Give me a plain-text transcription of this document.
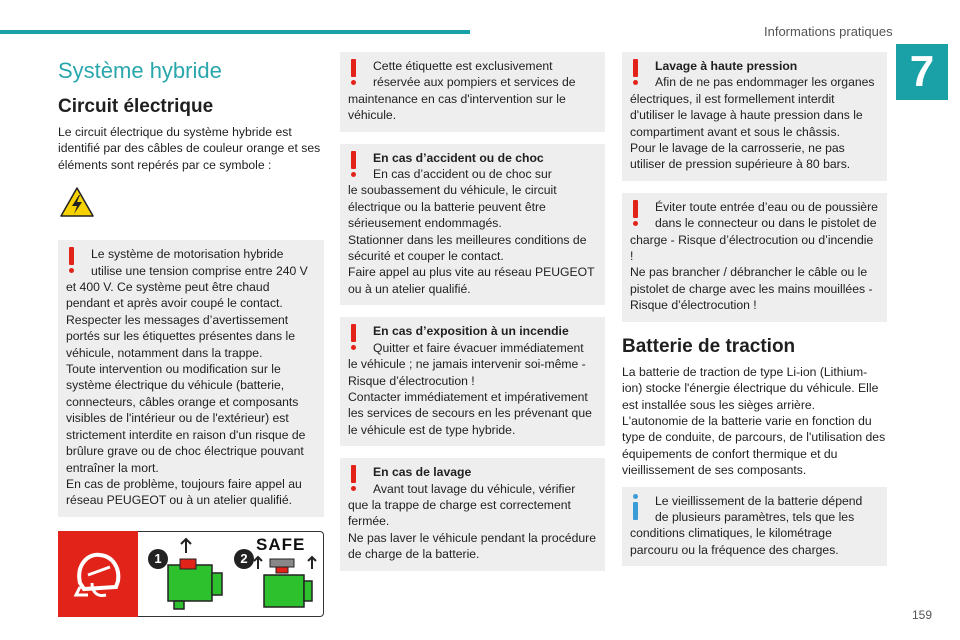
Informations pratiques
7
159
Système hybride
Circuit électrique
Le circuit électrique du système hybride est identifié par des câbles de couleur orange et ses éléments sont repérés par ce symbole :
Le système de motorisation hybride utilise une tension comprise entre 240 V
et 400 V. Ce système peut être chaud pendant et après avoir coupé le contact.
Respecter les messages d’avertissement portés sur les étiquettes présentes dans le véhicule, notamment dans la trappe.
Toute intervention ou modification sur le système électrique du véhicule (batterie, connecteurs, câbles orange et composants visibles de l'intérieur ou de l'extérieur) est strictement interdite en raison d'un risque de brûlure grave ou de choc électrique pouvant entraîner la mort.
En cas de problème, toujours faire appel au réseau PEUGEOT ou à un atelier qualifié.
1	2
SAFE
Cette étiquette est exclusivement réservée aux pompiers et services de
maintenance en cas d'intervention sur le véhicule.
En cas d’accident ou de choc
En cas d’accident ou de choc sur
le soubassement du véhicule, le circuit électrique ou la batterie peuvent être sérieusement endommagés.
Stationner dans les meilleures conditions de sécurité et couper le contact.
Faire appel au plus vite au réseau PEUGEOT ou à un atelier qualifié.
En cas d’exposition à un incendie
Quitter et faire évacuer immédiatement
le véhicule ; ne jamais intervenir soi-même - Risque d’électrocution !
Contacter immédiatement et impérativement les services de secours en les prévenant que le véhicule est de type hybride.
En cas de lavage
Avant tout lavage du véhicule, vérifier
que la trappe de charge est correctement fermée.
Ne pas laver le véhicule pendant la procédure de charge de la batterie.
Lavage à haute pression
Afin de ne pas endommager les organes
électriques, il est formellement interdit d'utiliser le lavage à haute pression dans le compartiment avant et sous le châssis.
Pour le lavage de la carrosserie, ne pas utiliser de pression supérieure à 80 bars.
Éviter toute entrée d’eau ou de poussière dans le connecteur ou dans le pistolet de
charge - Risque d’électrocution ou d’incendie !
Ne pas brancher / débrancher le câble ou le pistolet de charge avec les mains mouillées - Risque d’électrocution !
Batterie de traction
La batterie de traction de type Li-ion (Lithium-ion) stocke l'énergie électrique du véhicule. Elle est installée sous les sièges arrière.
L'autonomie de la batterie varie en fonction du type de conduite, de parcours, de l'utilisation des équipements de confort thermique et du vieillissement de ses composants.
Le vieillissement de la batterie dépend de plusieurs paramètres, tels que les
conditions climatiques, le kilométrage parcouru ou la fréquence des charges.
